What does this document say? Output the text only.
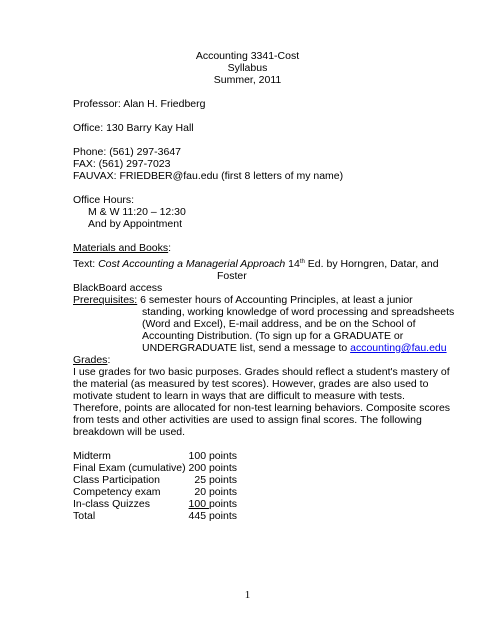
Accounting 3341-Cost
Syllabus
Summer, 2011
Professor: Alan H. Friedberg
Office: 130 Barry Kay Hall
Phone: (561) 297-3647
FAX: (561) 297-7023
FAUVAX: FRIEDBER@fau.edu (first 8 letters of my name)
Office Hours:
M & W 11:20 – 12:30
And by Appointment
Materials and Books:
Text: Cost Accounting a Managerial Approach 14th Ed. by Horngren, Datar, and
Foster
BlackBoard access
Prerequisites: 6 semester hours of Accounting Principles, at least a junior
standing, working knowledge of word processing and spreadsheets
(Word and Excel), E-mail address, and be on the School of
Accounting Distribution. (To sign up for a GRADUATE or
UNDERGRADUATE list, send a message to accounting@fau.edu
Grades:
I use grades for two basic purposes. Grades should reflect a student's mastery of
the material (as measured by test scores). However, grades are also used to
motivate student to learn in ways that are difficult to measure with tests.
Therefore, points are allocated for non-test learning behaviors. Composite scores
from tests and other activities are used to assign final scores. The following
breakdown will be used.
Midterm	100 points
Final Exam (cumulative) 200 points
Class Participation	25 points
Competency exam	20 points
In-class Quizzes	100 points
Total	445 points
1
